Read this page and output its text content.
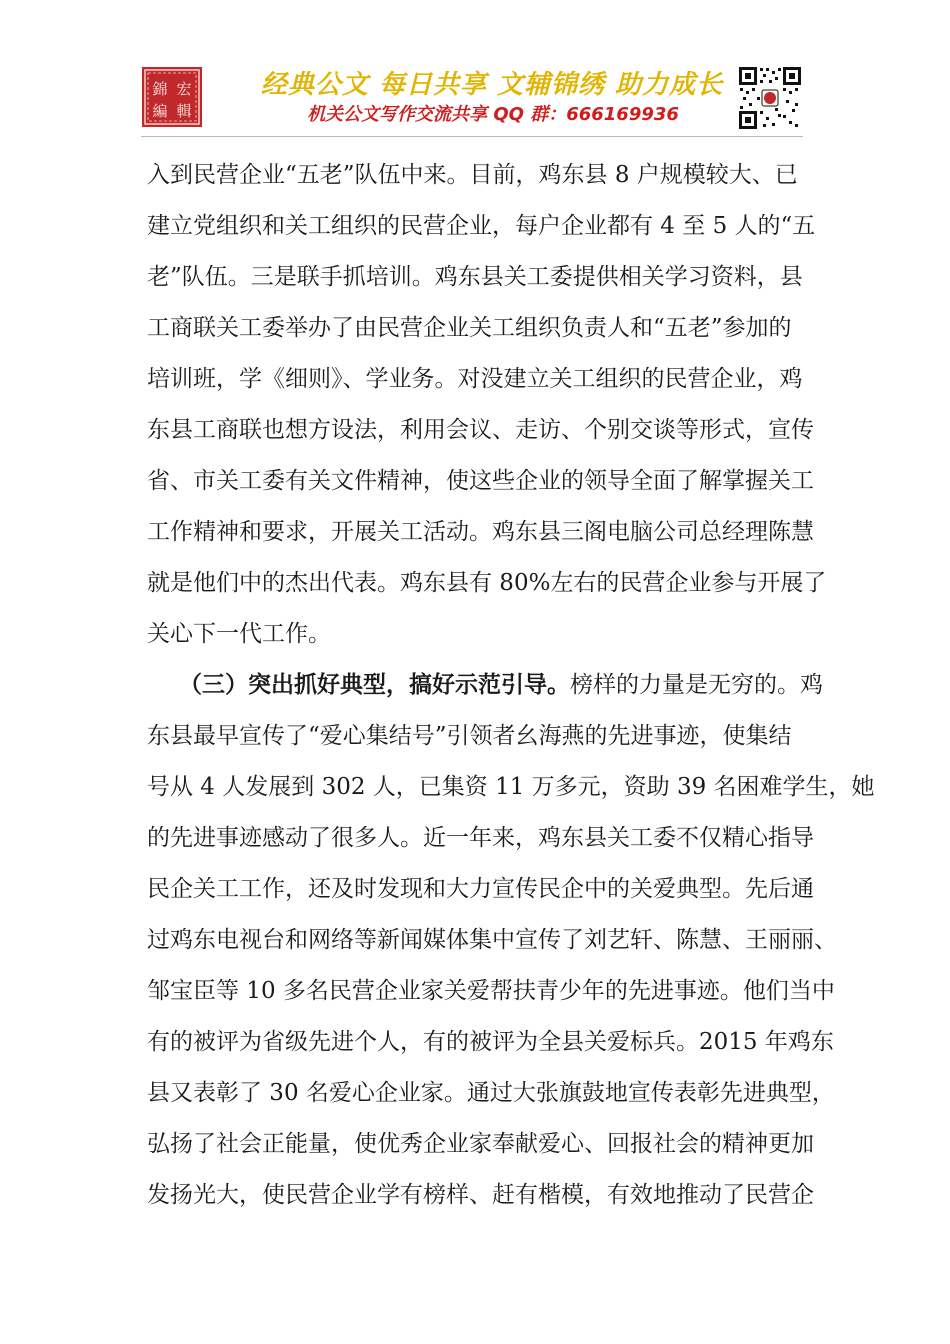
錦 宏
編 輯
经典公文 每日共享 文辅锦绣 助力成长
机关公文写作交流共享 QQ 群：666169936
入到民营企业“五老”队伍中来。目前，鸡东县 8 户规模较大、已
建立党组织和关工组织的民营企业，每户企业都有 4 至 5 人的“五
老”队伍。三是联手抓培训。鸡东县关工委提供相关学习资料，县
工商联关工委举办了由民营企业关工组织负责人和“五老”参加的
培训班，学《细则》、学业务。对没建立关工组织的民营企业，鸡
东县工商联也想方设法，利用会议、走访、个别交谈等形式，宣传
省、市关工委有关文件精神，使这些企业的领导全面了解掌握关工
工作精神和要求，开展关工活动。鸡东县三阁电脑公司总经理陈慧
就是他们中的杰出代表。鸡东县有 80%左右的民营企业参与开展了
关心下一代工作。
（三）突出抓好典型，搞好示范引导。榜样的力量是无穷的。鸡
东县最早宣传了“爱心集结号”引领者幺海燕的先进事迹，使集结
号从 4 人发展到 302 人，已集资 11 万多元，资助 39 名困难学生，她
的先进事迹感动了很多人。近一年来，鸡东县关工委不仅精心指导
民企关工工作，还及时发现和大力宣传民企中的关爱典型。先后通
过鸡东电视台和网络等新闻媒体集中宣传了刘艺轩、陈慧、王丽丽、
邹宝臣等 10 多名民营企业家关爱帮扶青少年的先进事迹。他们当中
有的被评为省级先进个人，有的被评为全县关爱标兵。2015 年鸡东
县又表彰了 30 名爱心企业家。通过大张旗鼓地宣传表彰先进典型，
弘扬了社会正能量，使优秀企业家奉献爱心、回报社会的精神更加
发扬光大，使民营企业学有榜样、赶有楷模，有效地推动了民营企
